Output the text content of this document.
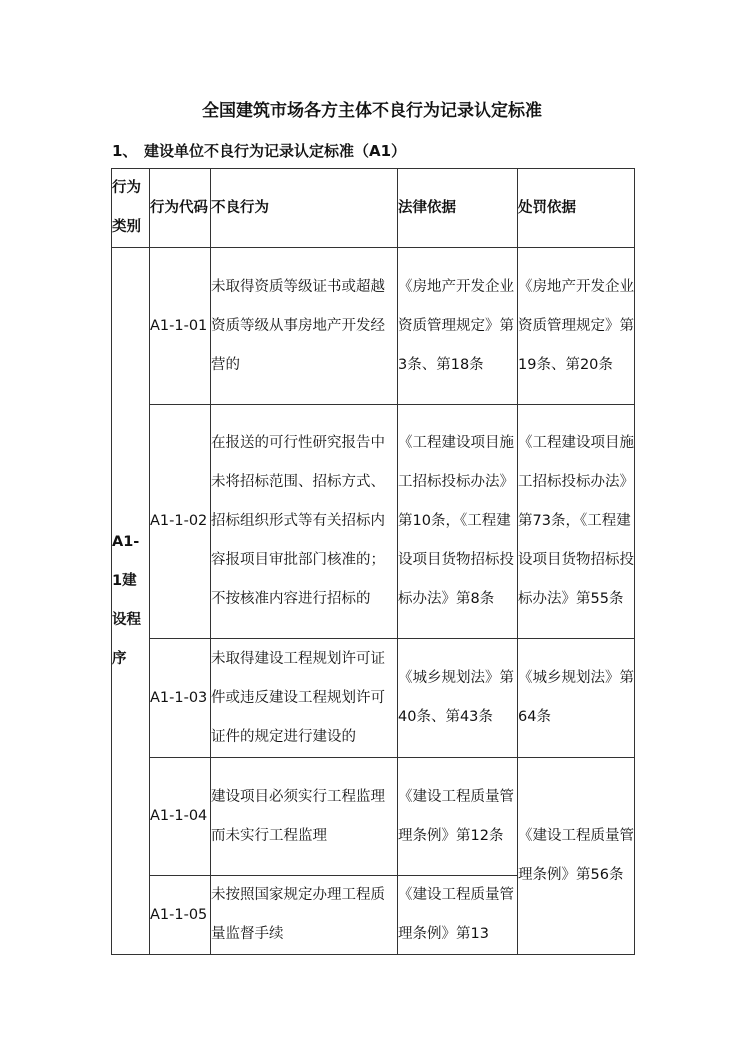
全国建筑市场各方主体不良行为记录认定标准
1、 建设单位不良行为记录认定标准（A1）
行为类别	行为代码	不良行为	法律依据	处罚依据
A1-1建设程序	A1-1-01	未取得资质等级证书或超越资质等级从事房地产开发经营的	《房地产开发企业资质管理规定》第3条、第18条	《房地产开发企业资质管理规定》第19条、第20条
	A1-1-02	在报送的可行性研究报告中未将招标范围、招标方式、招标组织形式等有关招标内容报项目审批部门核准的；不按核准内容进行招标的	《工程建设项目施工招标投标办法》第10条，《工程建设项目货物招标投标办法》第8条	《工程建设项目施工招标投标办法》第73条，《工程建设项目货物招标投标办法》第55条
	A1-1-03	未取得建设工程规划许可证件或违反建设工程规划许可证件的规定进行建设的	《城乡规划法》第40条、第43条	《城乡规划法》第64条
	A1-1-04	建设项目必须实行工程监理而未实行工程监理	《建设工程质量管理条例》第12条	《建设工程质量管理条例》第56条
	A1-1-05	未按照国家规定办理工程质量监督手续	《建设工程质量管理条例》第13	
